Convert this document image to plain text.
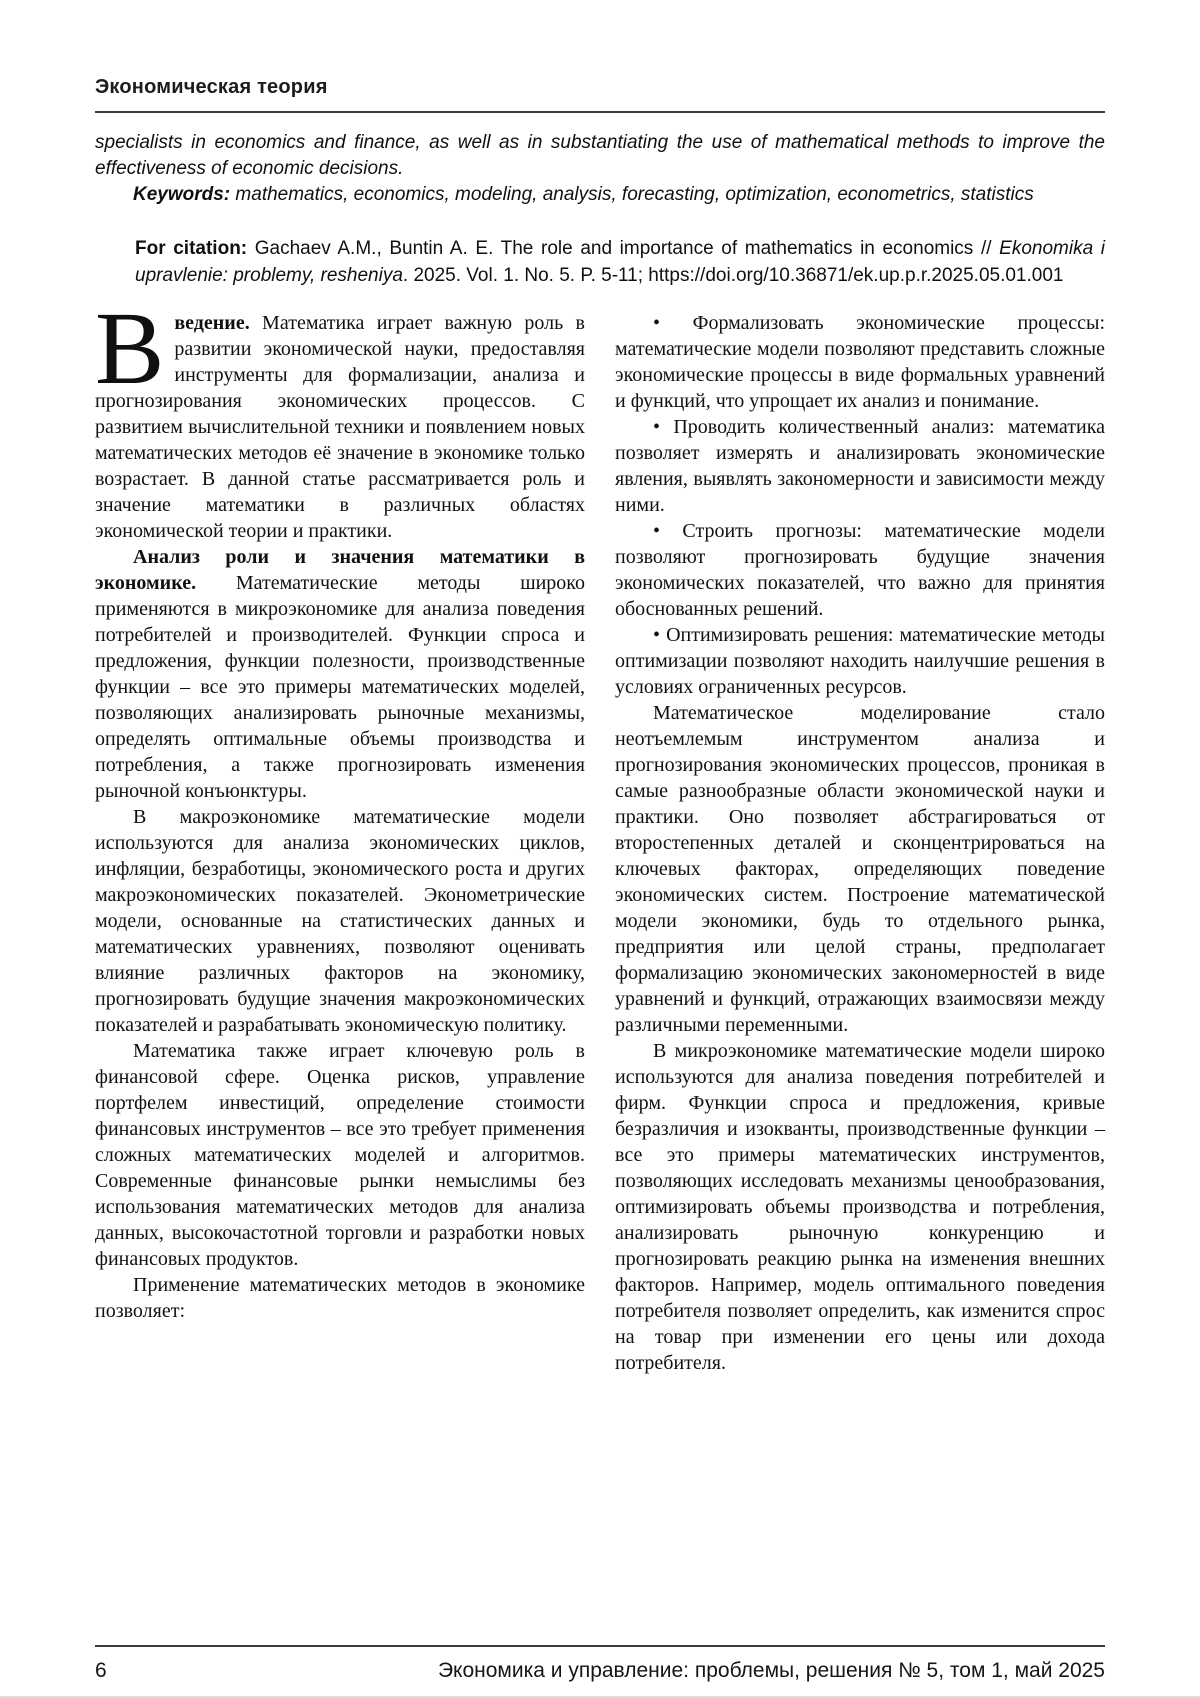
Экономическая теория

specialists in economics and finance, as well as in substantiating the use of mathematical methods to improve the effectiveness of economic decisions.

Keywords: mathematics, economics, modeling, analysis, forecasting, optimization, econometrics, statistics

For citation: Gachaev A.M., Buntin A. E. The role and importance of mathematics in economics // Ekonomika i upravlenie: problemy, resheniya. 2025. Vol. 1. No. 5. P. 5-11; https://doi.org/10.36871/ek.up.p.r.2025.05.01.001

Введение. Математика играет важную роль в развитии экономической науки, предоставляя инструменты для формализации, анализа и прогнозирования экономических процессов. С развитием вычислительной техники и появлением новых математических методов её значение в экономике только возрастает. В данной статье рассматривается роль и значение математики в различных областях экономической теории и практики.

Анализ роли и значения математики в экономике. Математические методы широко применяются в микроэкономике для анализа поведения потребителей и производителей. Функции спроса и предложения, функции полезности, производственные функции – все это примеры математических моделей, позволяющих анализировать рыночные механизмы, определять оптимальные объемы производства и потребления, а также прогнозировать изменения рыночной конъюнктуры.

В макроэкономике математические модели используются для анализа экономических циклов, инфляции, безработицы, экономического роста и других макроэкономических показателей. Эконометрические модели, основанные на статистических данных и математических уравнениях, позволяют оценивать влияние различных факторов на экономику, прогнозировать будущие значения макроэкономических показателей и разрабатывать экономическую политику.

Математика также играет ключевую роль в финансовой сфере. Оценка рисков, управление портфелем инвестиций, определение стоимости финансовых инструментов – все это требует применения сложных математических моделей и алгоритмов. Современные финансовые рынки немыслимы без использования математических методов для анализа данных, высокочастотной торговли и разработки новых финансовых продуктов.

Применение математических методов в экономике позволяет:

• Формализовать экономические процессы: математические модели позволяют представить сложные экономические процессы в виде формальных уравнений и функций, что упрощает их анализ и понимание.

• Проводить количественный анализ: математика позволяет измерять и анализировать экономические явления, выявлять закономерности и зависимости между ними.

• Строить прогнозы: математические модели позволяют прогнозировать будущие значения экономических показателей, что важно для принятия обоснованных решений.

• Оптимизировать решения: математические методы оптимизации позволяют находить наилучшие решения в условиях ограниченных ресурсов.

Математическое моделирование стало неотъемлемым инструментом анализа и прогнозирования экономических процессов, проникая в самые разнообразные области экономической науки и практики. Оно позволяет абстрагироваться от второстепенных деталей и сконцентрироваться на ключевых факторах, определяющих поведение экономических систем. Построение математической модели экономики, будь то отдельного рынка, предприятия или целой страны, предполагает формализацию экономических закономерностей в виде уравнений и функций, отражающих взаимосвязи между различными переменными.

В микроэкономике математические модели широко используются для анализа поведения потребителей и фирм. Функции спроса и предложения, кривые безразличия и изокванты, производственные функции – все это примеры математических инструментов, позволяющих исследовать механизмы ценообразования, оптимизировать объемы производства и потребления, анализировать рыночную конкуренцию и прогнозировать реакцию рынка на изменения внешних факторов. Например, модель оптимального поведения потребителя позволяет определить, как изменится спрос на товар при изменении его цены или дохода потребителя.

6	Экономика и управление: проблемы, решения № 5, том 1, май 2025
